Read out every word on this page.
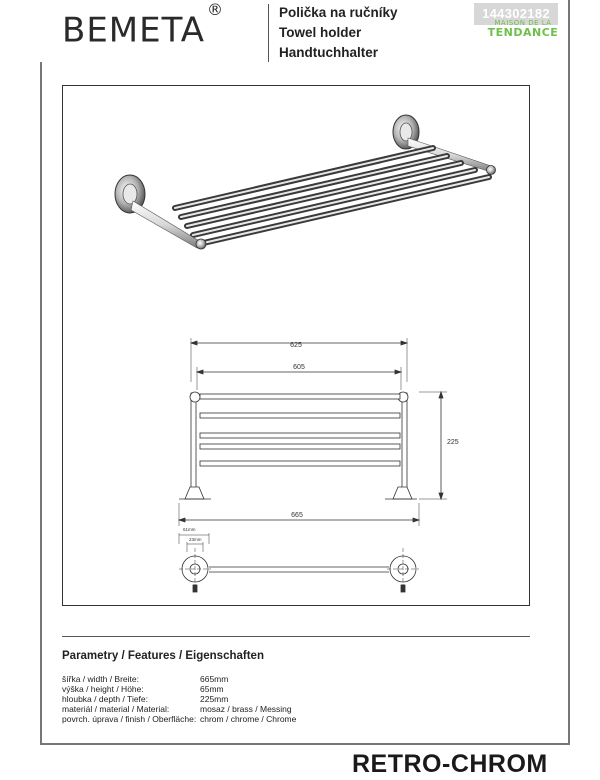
BEMETA®	Polička na ručníky
Towel holder
Handtuchhalter
144302182
MAISON DE LA
TENDANCE
625
605
225
665
61mm
23mm
Parametry / Features / Eigenschaften
šířka / width / Breite:	665mm
výška / height / Höhe:	65mm
hloubka / depth / Tiefe:	225mm
materiál / material / Material:	mosaz / brass / Messing
povrch. úprava / finish / Oberfläche: chrom / chrome / Chrome
RETRO-CHROM
